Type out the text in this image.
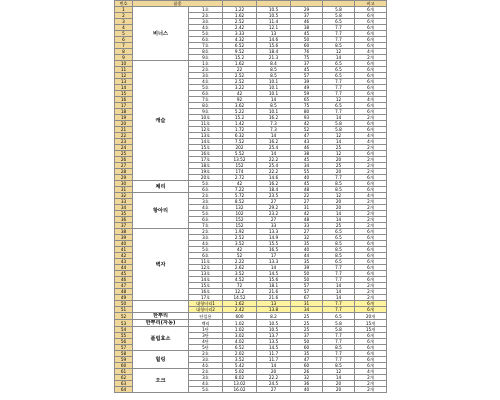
번호	품종						비고
1	비너스	1호	1.22	10.5	29	5.8	6개
2		2호	1.62	10.5	37	5.8	6개
3		3호	2.52	11.4	46	6.5	6개
4		4호	2.42	12.1	38	7.7	6개
5		5호	3.33	13	45	7.7	6개
6		6호	4.32	14.6	50	7.7	6개
7		7호	6.52	15.6	60	8.5	6개
8		8호	9.52	18.4	76	12	4개
9		9호	15.2	21.3	75	14	2개
10	캐슬	1호	1.62	8.4	37	6.5	6개
11		2호	22	8.5	45	6.5	6개
12		3호	2.52	8.5	57	6.5	6개
13		4호	2.52	10.1	39	7.7	6개
14		5호	3.22	10.1	49	7.7	6개
15		6호	42	10.1	59	7.7	6개
16		7호	92	14	65	12	4개
17		8호	3.62	8.5	75	6.5	6개
18		9호	5.22	10.1	80	7.7	6개
19		10호	15.2	16.2	93	14	2개
20		11호	1.42	7.3	42	5.8	6개
21		12호	1.72	7.3	52	5.8	6개
22		13호	6.32	14	47	12	4개
23		14호	7.52	16.2	43	14	4개
24		15호	202	25.4	46	25	2개
25		16호	5.52	14	38	12	6개
26		17호	13.52	22.2	45	20	2개
27		18호	152	25.4	34	25	2개
28		19호	174	22.2	55	20	2개
29		20호	2.72	14.6	40	7.7	6개
30	체리	5호	42	16.2	45	8.5	6개
31		6호	7.22	18.4	48	8.5	6개
32	항아리	2호	5.72	23.5	22	12	4개
33		3호	8.52	27	27	20	2개
34		4호	132	29.2	31	20	2개
35		5호	102	23.2	42	14	2개
36		6호	152	27	48	14	2개
37		7호	152	33	33	25	2개
38	벽자	2호	1.92	13.3	27	6.5	6개
39		3호	2.52	14.9	32	6.5	6개
40		4호	3.52	15.5	35	8.5	6개
41		5호	42	16.5	40	8.5	6개
42		6호	52	17	44	8.5	6개
43		11호	2.22	13.3	35	6.5	6개
44		12호	2.62	14	39	7.7	6개
45		13호	3.52	14.5	50	7.7	6개
46		14호	4.52	15.6	50	7.7	6개
47		15호	72	18.1	57	14	2개
48		16호	12.2	21.6	57	14	2개
49		17호	14.52	21.6	67	14	2개
50		대형터리1	1.62	13	31	7.7	6개
51		대형터리2	2.42	13.8	34	7.7	6개
52	한뿌리	단일용	600	8.2	25	6.5	20개
53	한뿌리(자동)	백리	1.02	10.5	25	5.8	15개
54	플립효소	1단	1.02	10.5	25	5.8	15개
55		3단	3.02	13.7	37	7.7	6개
56		4단	4.02	13.5	50	7.7	6개
57		5단	6.52	14.5	60	8.5	6개
58	힐링	2호	2.02	11.7	35	7.7	6개
59		3호	3.52	11.7	47	7.7	6개
60		4호	5.42	14	60	8.5	6개
61	오크	2호	5.02	20	26	12	4개
62		3호	8.02	22.2	32	14	2개
63		4호	13.02	24.5	36	20	2개
64		5호	16.02	27	40	20	2개
